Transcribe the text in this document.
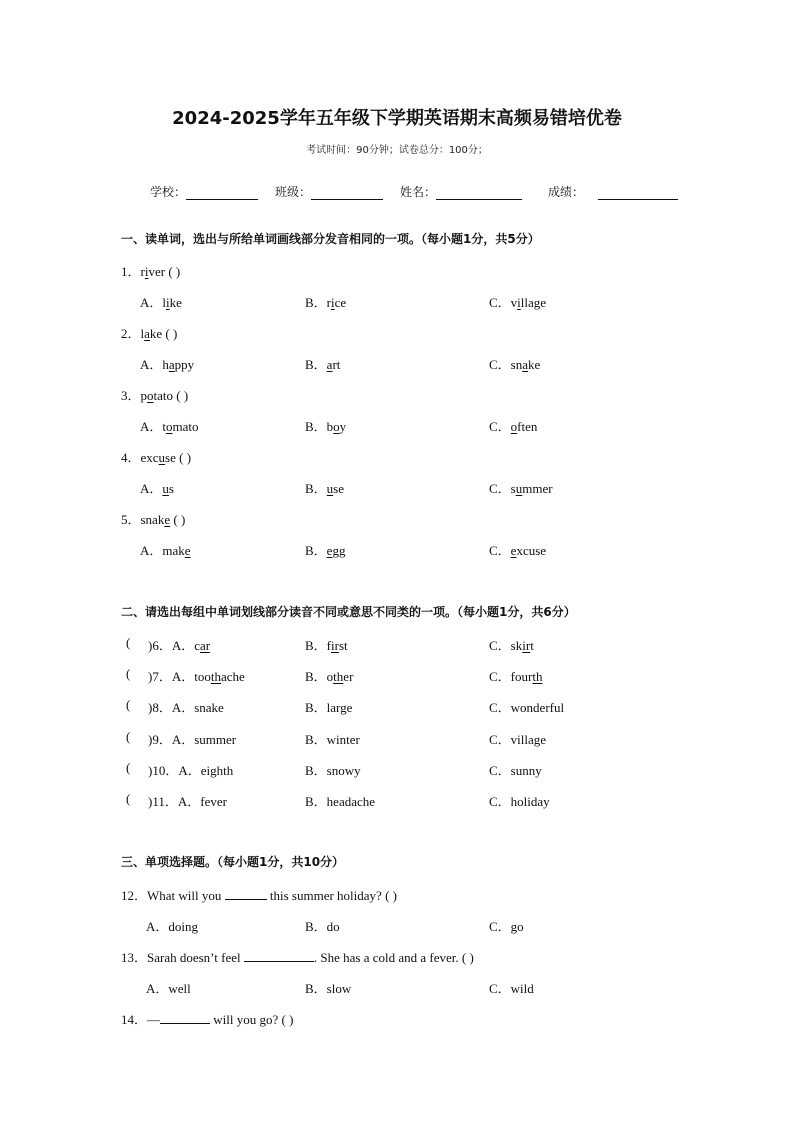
2024-2025学年五年级下学期英语期末高频易错培优卷
考试时间：90分钟；试卷总分：100分；
学校：	班级：	姓名：	成绩：
一、读单词，选出与所给单词画线部分发音相同的一项。（每小题1分，共5分）
1．river ( )
A．like	B．rice	C．village
2．lake ( )
A．happy	B．art	C．snake
3．potato ( )
A．tomato	B．boy	C．often
4．excuse ( )
A．us	B．use	C．summer
5．snake ( )
A．make	B．egg	C．excuse
二、请选出每组中单词划线部分读音不同或意思不同类的一项。（每小题1分，共6分）
( )6．A．car	B．first	C．skirt
( )7．A．toothache	B．other	C．fourth
( )8．A．snake	B．large	C．wonderful
( )9．A．summer	B．winter	C．village
( )10．A．eighth	B．snowy	C．sunny
( )11．A．fever	B．headache	C．holiday
三、单项选择题。（每小题1分，共10分）
12．What will you	this summer holiday? ( )
A．doing	B．do	C．go
13．Sarah doesn’t feel	. She has a cold and a fever. ( )
A．well	B．slow	C．wild
14．—	will you go? ( )
